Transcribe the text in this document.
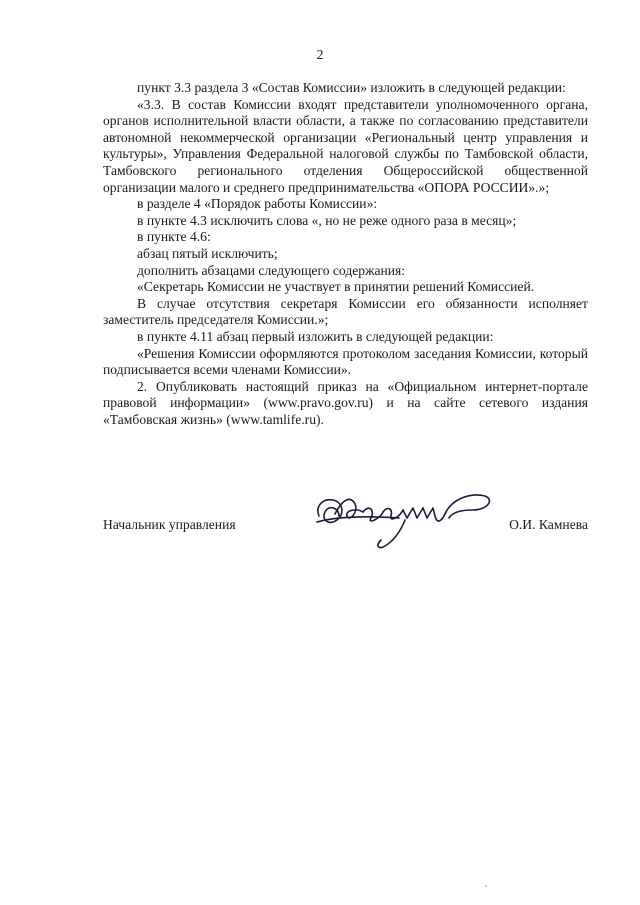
2

пункт 3.3 раздела 3 «Состав Комиссии» изложить в следующей редакции:

«3.3. В состав Комиссии входят представители уполномоченного органа, органов исполнительной власти области, а также по согласованию представители автономной некоммерческой организации «Региональный центр управления и культуры», Управления Федеральной налоговой службы по Тамбовской области, Тамбовского регионального отделения Общероссийской общественной организации малого и среднего предпринимательства «ОПОРА РОССИИ».»;

в разделе 4 «Порядок работы Комиссии»:

в пункте 4.3 исключить слова «, но не реже одного раза в месяц»;

в пункте 4.6:

абзац пятый исключить;

дополнить абзацами следующего содержания:

«Секретарь Комиссии не участвует в принятии решений Комиссией.

В случае отсутствия секретаря Комиссии его обязанности исполняет заместитель председателя Комиссии.»;

в пункте 4.11 абзац первый изложить в следующей редакции:

«Решения Комиссии оформляются протоколом заседания Комиссии, который подписывается всеми членами Комиссии».

2. Опубликовать настоящий приказ на «Официальном интернет-портале правовой информации» (www.pravo.gov.ru) и на сайте сетевого издания «Тамбовская жизнь» (www.tamlife.ru).

Начальник управления	О.И. Камнева
